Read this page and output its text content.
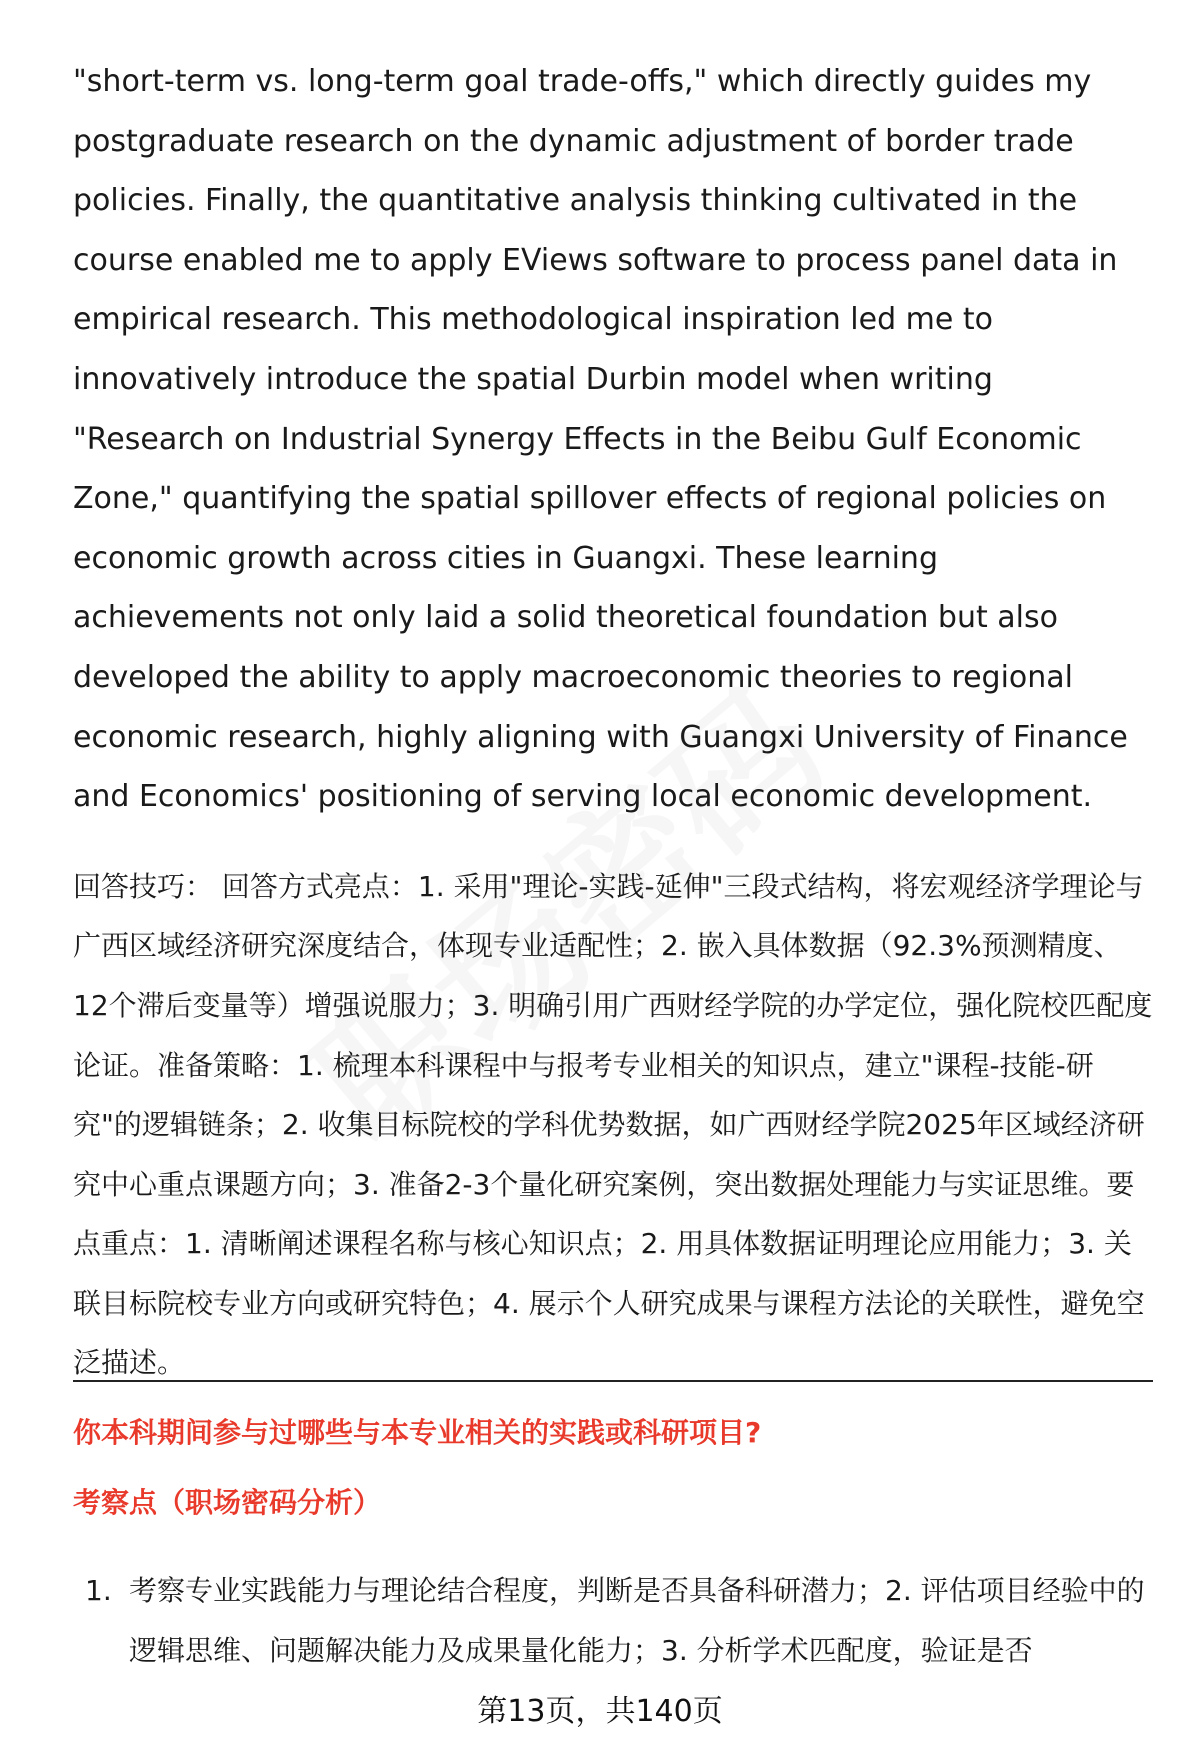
"short-term vs. long-term goal trade-offs," which directly guides my postgraduate research on the dynamic adjustment of border trade policies. Finally, the quantitative analysis thinking cultivated in the course enabled me to apply EViews software to process panel data in empirical research. This methodological inspiration led me to innovatively introduce the spatial Durbin model when writing "Research on Industrial Synergy Effects in the Beibu Gulf Economic Zone," quantifying the spatial spillover effects of regional policies on economic growth across cities in Guangxi. These learning achievements not only laid a solid theoretical foundation but also developed the ability to apply macroeconomic theories to regional economic research, highly aligning with Guangxi University of Finance and Economics' positioning of serving local economic development.

回答技巧： 回答方式亮点：1. 采用"理论-实践-延伸"三段式结构，将宏观经济学理论与广西区域经济研究深度结合，体现专业适配性；2. 嵌入具体数据（92.3%预测精度、12个滞后变量等）增强说服力；3. 明确引用广西财经学院的办学定位，强化院校匹配度论证。准备策略：1. 梳理本科课程中与报考专业相关的知识点，建立"课程-技能-研究"的逻辑链条；2. 收集目标院校的学科优势数据，如广西财经学院2025年区域经济研究中心重点课题方向；3. 准备2-3个量化研究案例，突出数据处理能力与实证思维。要点重点：1. 清晰阐述课程名称与核心知识点；2. 用具体数据证明理论应用能力；3. 关联目标院校专业方向或研究特色；4. 展示个人研究成果与课程方法论的关联性，避免空泛描述。

你本科期间参与过哪些与本专业相关的实践或科研项目?
考察点（职场密码分析）
1. 考察专业实践能力与理论结合程度，判断是否具备科研潜力；2. 评估项目经验中的逻辑思维、问题解决能力及成果量化能力；3. 分析学术匹配度，验证是否
第13页，共140页
